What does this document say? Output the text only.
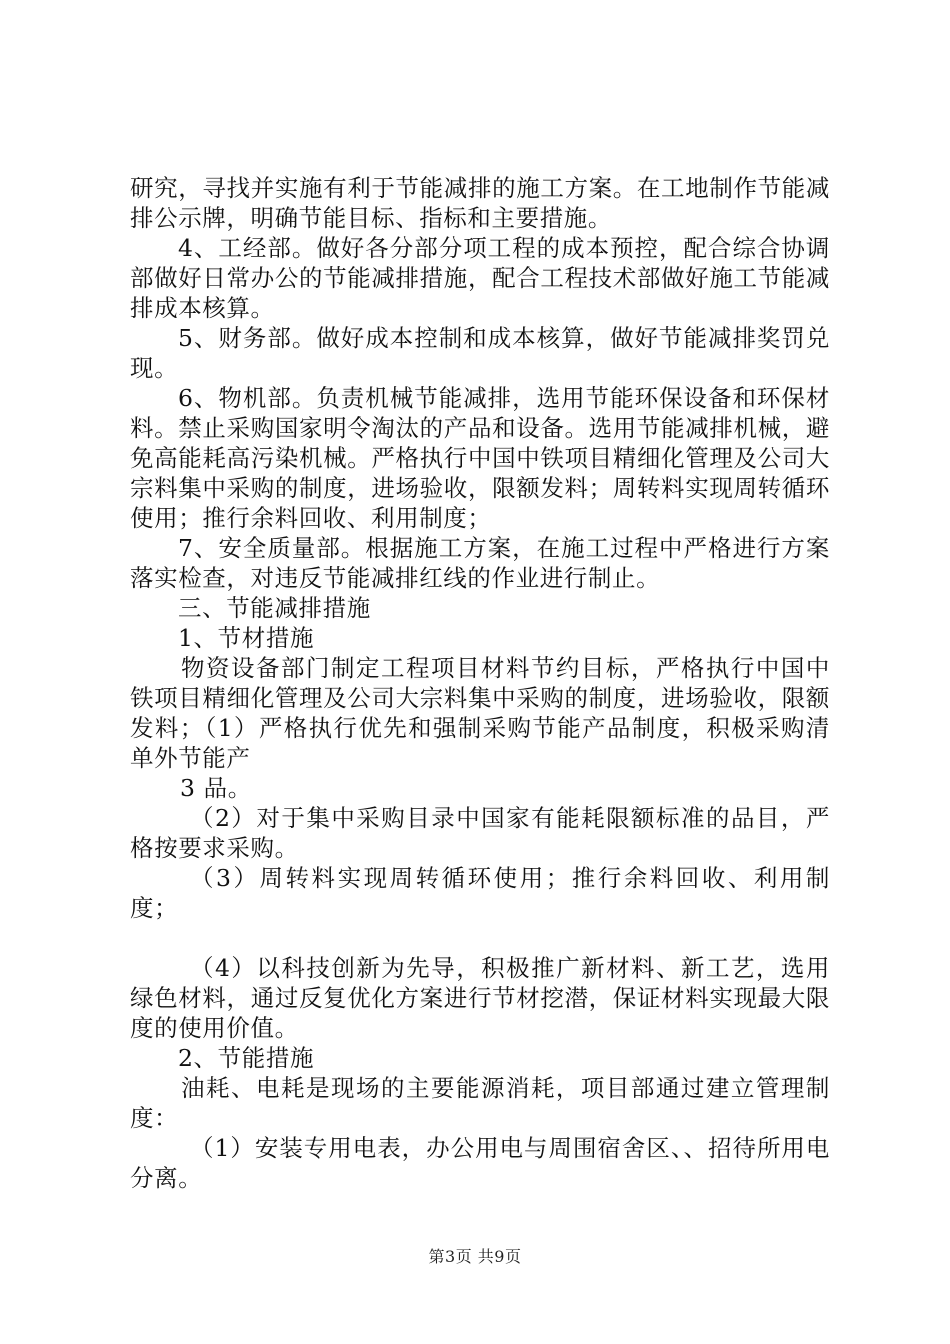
研究，寻找并实施有利于节能减排的施工方案。在工地制作节能减排公示牌，明确节能目标、指标和主要措施。

4、工经部。做好各分部分项工程的成本预控，配合综合协调部做好日常办公的节能减排措施，配合工程技术部做好施工节能减排成本核算。

5、财务部。做好成本控制和成本核算，做好节能减排奖罚兑现。

6、物机部。负责机械节能减排，选用节能环保设备和环保材料。禁止采购国家明令淘汰的产品和设备。选用节能减排机械，避免高能耗高污染机械。严格执行中国中铁项目精细化管理及公司大宗料集中采购的制度，进场验收，限额发料；周转料实现周转循环使用；推行余料回收、利用制度；

7、安全质量部。根据施工方案，在施工过程中严格进行方案落实检查，对违反节能减排红线的作业进行制止。

三、节能减排措施

1、节材措施

物资设备部门制定工程项目材料节约目标，严格执行中国中铁项目精细化管理及公司大宗料集中采购的制度，进场验收，限额发料；（1）严格执行优先和强制采购节能产品制度，积极采购清单外节能产

3 品。

（2）对于集中采购目录中国家有能耗限额标准的品目，严格按要求采购。

（3）周转料实现周转循环使用；推行余料回收、利用制度；

（4）以科技创新为先导，积极推广新材料、新工艺，选用绿色材料，通过反复优化方案进行节材挖潜，保证材料实现最大限度的使用价值。

2、节能措施

油耗、电耗是现场的主要能源消耗，项目部通过建立管理制度：

（1）安装专用电表，办公用电与周围宿舍区、、招待所用电分离。

第3页 共9页
